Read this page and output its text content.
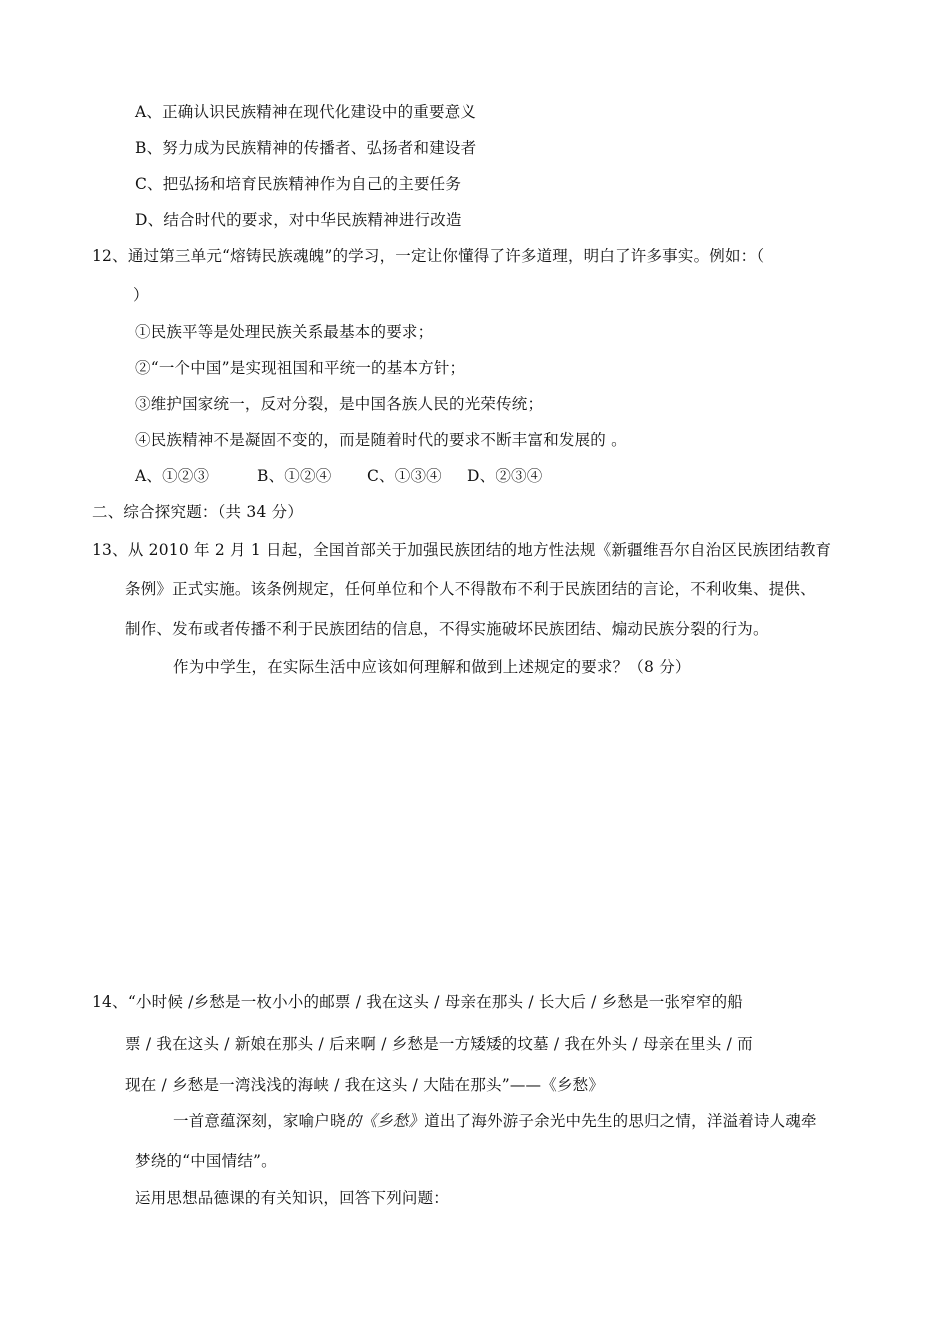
A、正确认识民族精神在现代化建设中的重要意义
B、努力成为民族精神的传播者、弘扬者和建设者
C、把弘扬和培育民族精神作为自己的主要任务
D、结合时代的要求，对中华民族精神进行改造
12、通过第三单元“熔铸民族魂魄”的学习，一定让你懂得了许多道理，明白了许多事实。例如：（
）
①民族平等是处理民族关系最基本的要求；
②“一个中国”是实现祖国和平统一的基本方针；
③维护国家统一，反对分裂，是中国各族人民的光荣传统；
④民族精神不是凝固不变的，而是随着时代的要求不断丰富和发展的 。
A、①②③	B、①②④ C、①③④ D、②③④
二、综合探究题：（共 34 分）
13、从 2010 年 2 月 1 日起，全国首部关于加强民族团结的地方性法规《新疆维吾尔自治区民族团结教育
条例》正式实施。该条例规定，任何单位和个人不得散布不利于民族团结的言论，不利收集、提供、
制作、发布或者传播不利于民族团结的信息，不得实施破坏民族团结、煽动民族分裂的行为。
作为中学生，在实际生活中应该如何理解和做到上述规定的要求？（8 分）
14、“小时候 /乡愁是一枚小小的邮票 / 我在这头 / 母亲在那头 / 长大后 / 乡愁是一张窄窄的船
票 / 我在这头 / 新娘在那头 / 后来啊 / 乡愁是一方矮矮的坟墓 / 我在外头 / 母亲在里头 / 而
现在 / 乡愁是一湾浅浅的海峡 / 我在这头 / 大陆在那头”——《乡愁》
一首意蕴深刻，家喻户晓的《乡愁》道出了海外游子余光中先生的思归之情，洋溢着诗人魂牵
梦绕的“中国情结”。
运用思想品德课的有关知识，回答下列问题：
